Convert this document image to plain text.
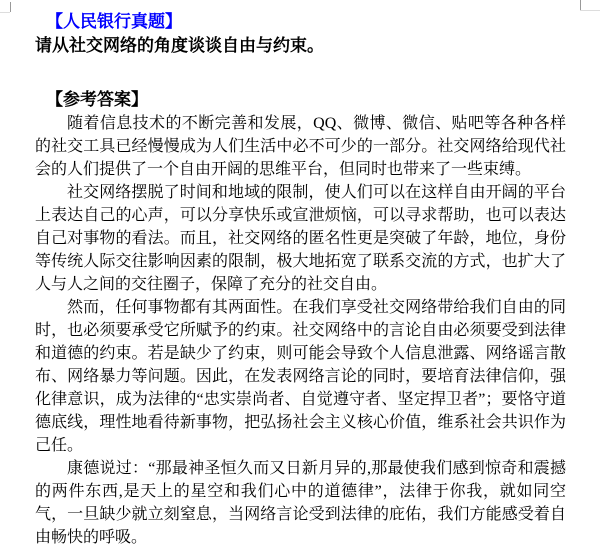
【人民银行真题】

请从社交网络的角度谈谈自由与约束。

【参考答案】

随着信息技术的不断完善和发展，QQ、微博、微信、贴吧等各种各样的社交工具已经慢慢成为人们生活中必不可少的一部分。社交网络给现代社会的人们提供了一个自由开阔的思维平台，但同时也带来了一些束缚。

社交网络摆脱了时间和地域的限制，使人们可以在这样自由开阔的平台上表达自己的心声，可以分享快乐或宣泄烦恼，可以寻求帮助，也可以表达自己对事物的看法。而且，社交网络的匿名性更是突破了年龄，地位，身份等传统人际交往影响因素的限制，极大地拓宽了联系交流的方式，也扩大了人与人之间的交往圈子，保障了充分的社交自由。

然而，任何事物都有其两面性。在我们享受社交网络带给我们自由的同时，也必须要承受它所赋予的约束。社交网络中的言论自由必须要受到法律和道德的约束。若是缺少了约束，则可能会导致个人信息泄露、网络谣言散布、网络暴力等问题。因此，在发表网络言论的同时，要培育法律信仰，强化律意识，成为法律的“忠实崇尚者、自觉遵守者、坚定捍卫者”；要恪守道德底线，理性地看待新事物，把弘扬社会主义核心价值，维系社会共识作为己任。

康德说过：“那最神圣恒久而又日新月异的,那最使我们感到惊奇和震撼的两件东西,是天上的星空和我们心中的道德律”，法律于你我，就如同空气，一旦缺少就立刻窒息，当网络言论受到法律的庇佑，我们方能感受着自由畅快的呼吸。
